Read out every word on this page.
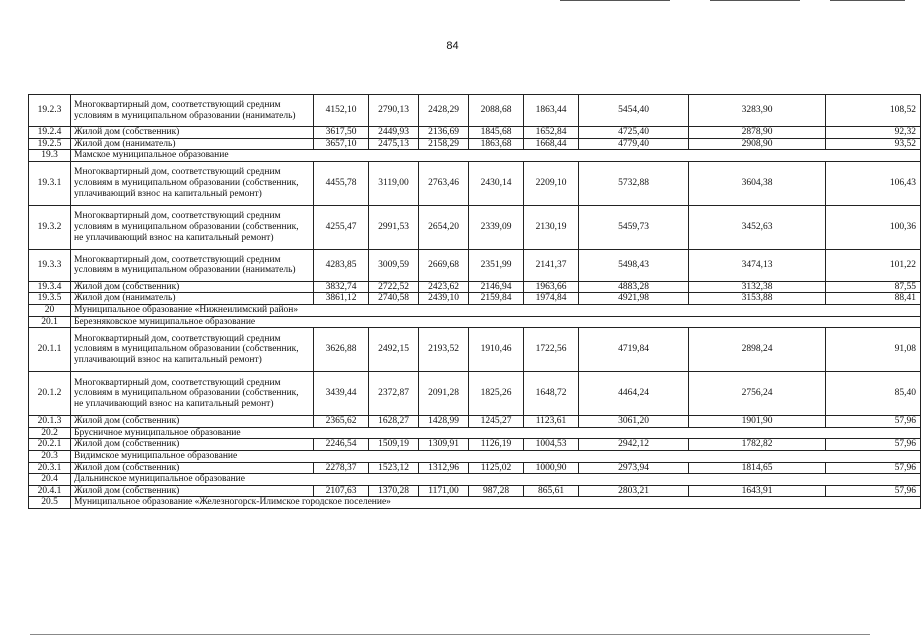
84
19.2.3	Многоквартирный дом, соответствующий средним условиям в муниципальном образовании (наниматель)	4152,10	2790,13	2428,29	2088,68	1863,44	5454,40	3283,90	108,52
19.2.4	Жилой дом (собственник)	3617,50	2449,93	2136,69	1845,68	1652,84	4725,40	2878,90	92,32
19.2.5	Жилой дом (наниматель)	3657,10	2475,13	2158,29	1863,68	1668,44	4779,40	2908,90	93,52
19.3	Мамское муниципальное образование								
19.3.1	Многоквартирный дом, соответствующий средним условиям в муниципальном образовании (собственник, уплачивающий взнос на капитальный ремонт)	4455,78	3119,00	2763,46	2430,14	2209,10	5732,88	3604,38	106,43
19.3.2	Многоквартирный дом, соответствующий средним условиям в муниципальном образовании (собственник, не уплачивающий взнос на капитальный ремонт)	4255,47	2991,53	2654,20	2339,09	2130,19	5459,73	3452,63	100,36
19.3.3	Многоквартирный дом, соответствующий средним условиям в муниципальном образовании (наниматель)	4283,85	3009,59	2669,68	2351,99	2141,37	5498,43	3474,13	101,22
19.3.4	Жилой дом (собственник)	3832,74	2722,52	2423,62	2146,94	1963,66	4883,28	3132,38	87,55
19.3.5	Жилой дом (наниматель)	3861,12	2740,58	2439,10	2159,84	1974,84	4921,98	3153,88	88,41
20	Муниципальное образование «Нижнеилимский район»								
20.1	Березняковское муниципальное образование								
20.1.1	Многоквартирный дом, соответствующий средним условиям в муниципальном образовании (собственник, уплачивающий взнос на капитальный ремонт)	3626,88	2492,15	2193,52	1910,46	1722,56	4719,84	2898,24	91,08
20.1.2	Многоквартирный дом, соответствующий средним условиям в муниципальном образовании (собственник, не уплачивающий взнос на капитальный ремонт)	3439,44	2372,87	2091,28	1825,26	1648,72	4464,24	2756,24	85,40
20.1.3	Жилой дом (собственник)	2365,62	1628,27	1428,99	1245,27	1123,61	3061,20	1901,90	57,96
20.2	Брусничное муниципальное образование								
20.2.1	Жилой дом (собственник)	2246,54	1509,19	1309,91	1126,19	1004,53	2942,12	1782,82	57,96
20.3	Видимское муниципальное образование								
20.3.1	Жилой дом (собственник)	2278,37	1523,12	1312,96	1125,02	1000,90	2973,94	1814,65	57,96
20.4	Дальнинское муниципальное образование								
20.4.1	Жилой дом (собственник)	2107,63	1370,28	1171,00	987,28	865,61	2803,21	1643,91	57,96
20.5	Муниципальное образование «Железногорск-Илимское городское поселение»								
